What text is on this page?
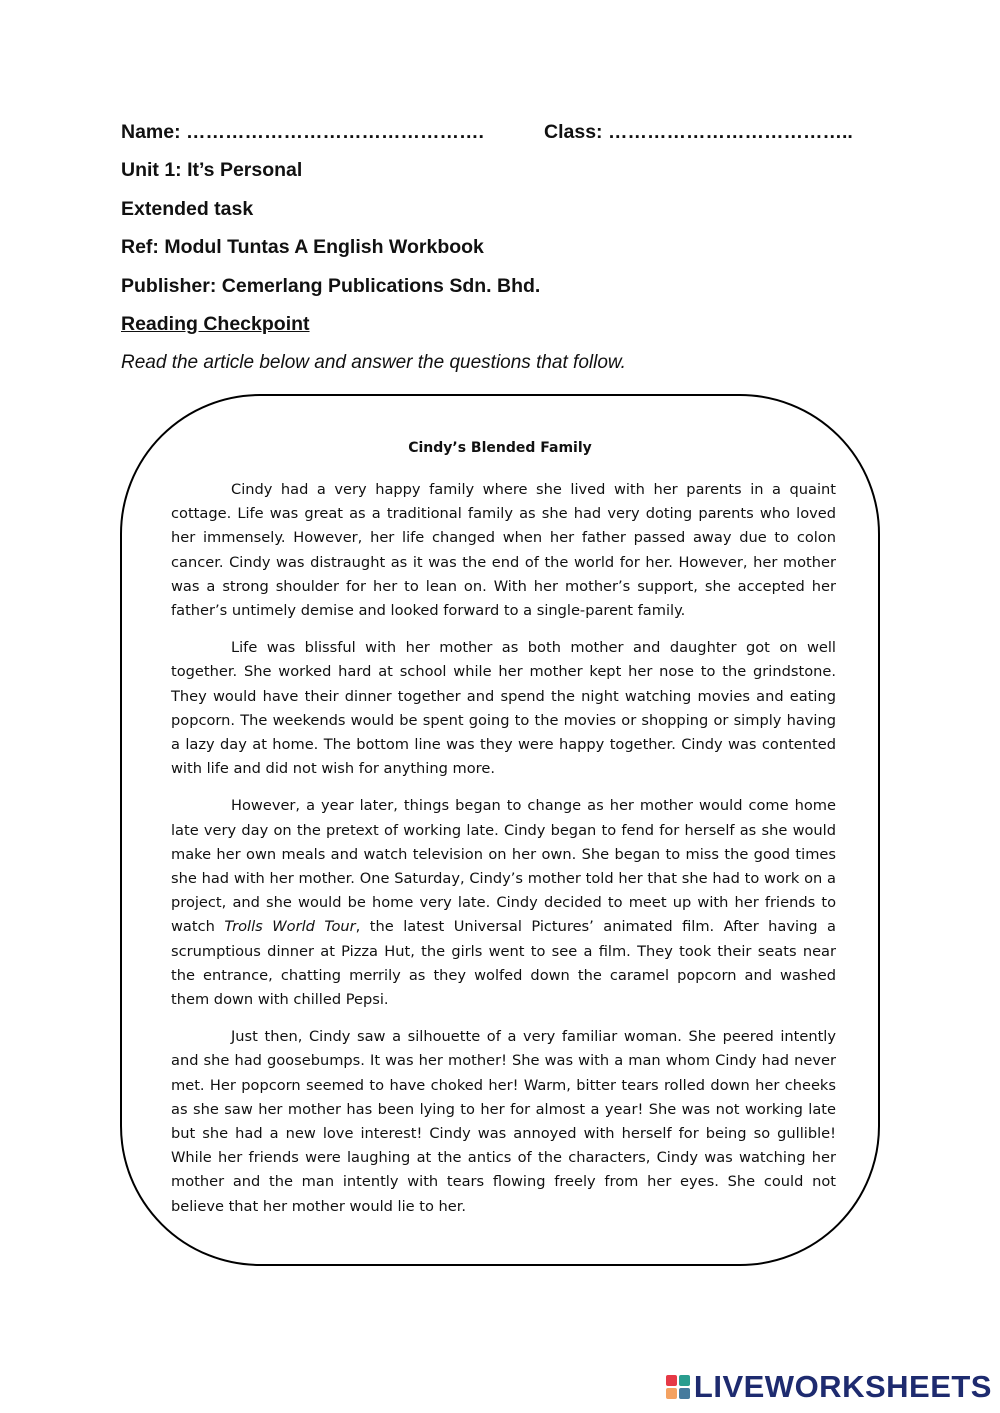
Name: ……………………………………….	Class: ………………………………..

Unit 1: It’s Personal

Extended task

Ref: Modul Tuntas A English Workbook

Publisher: Cemerlang Publications Sdn. Bhd.

Reading Checkpoint

Read the article below and answer the questions that follow.

Cindy’s Blended Family

Cindy had a very happy family where she lived with her parents in a quaint cottage. Life was great as a traditional family as she had very doting parents who loved her immensely. However, her life changed when her father passed away due to colon cancer. Cindy was distraught as it was the end of the world for her. However, her mother was a strong shoulder for her to lean on. With her mother’s support, she accepted her father’s untimely demise and looked forward to a single-parent family.

Life was blissful with her mother as both mother and daughter got on well together. She worked hard at school while her mother kept her nose to the grindstone. They would have their dinner together and spend the night watching movies and eating popcorn. The weekends would be spent going to the movies or shopping or simply having a lazy day at home. The bottom line was they were happy together. Cindy was contented with life and did not wish for anything more.

However, a year later, things began to change as her mother would come home late very day on the pretext of working late. Cindy began to fend for herself as she would make her own meals and watch television on her own. She began to miss the good times she had with her mother. One Saturday, Cindy’s mother told her that she had to work on a project, and she would be home very late. Cindy decided to meet up with her friends to watch Trolls World Tour, the latest Universal Pictures’ animated film. After having a scrumptious dinner at Pizza Hut, the girls went to see a film. They took their seats near the entrance, chatting merrily as they wolfed down the caramel popcorn and washed them down with chilled Pepsi.

Just then, Cindy saw a silhouette of a very familiar woman. She peered intently and she had goosebumps. It was her mother! She was with a man whom Cindy had never met. Her popcorn seemed to have choked her! Warm, bitter tears rolled down her cheeks as she saw her mother has been lying to her for almost a year! She was not working late but she had a new love interest! Cindy was annoyed with herself for being so gullible! While her friends were laughing at the antics of the characters, Cindy was watching her mother and the man intently with tears flowing freely from her eyes. She could not believe that her mother would lie to her.

LIVEWORKSHEETS
